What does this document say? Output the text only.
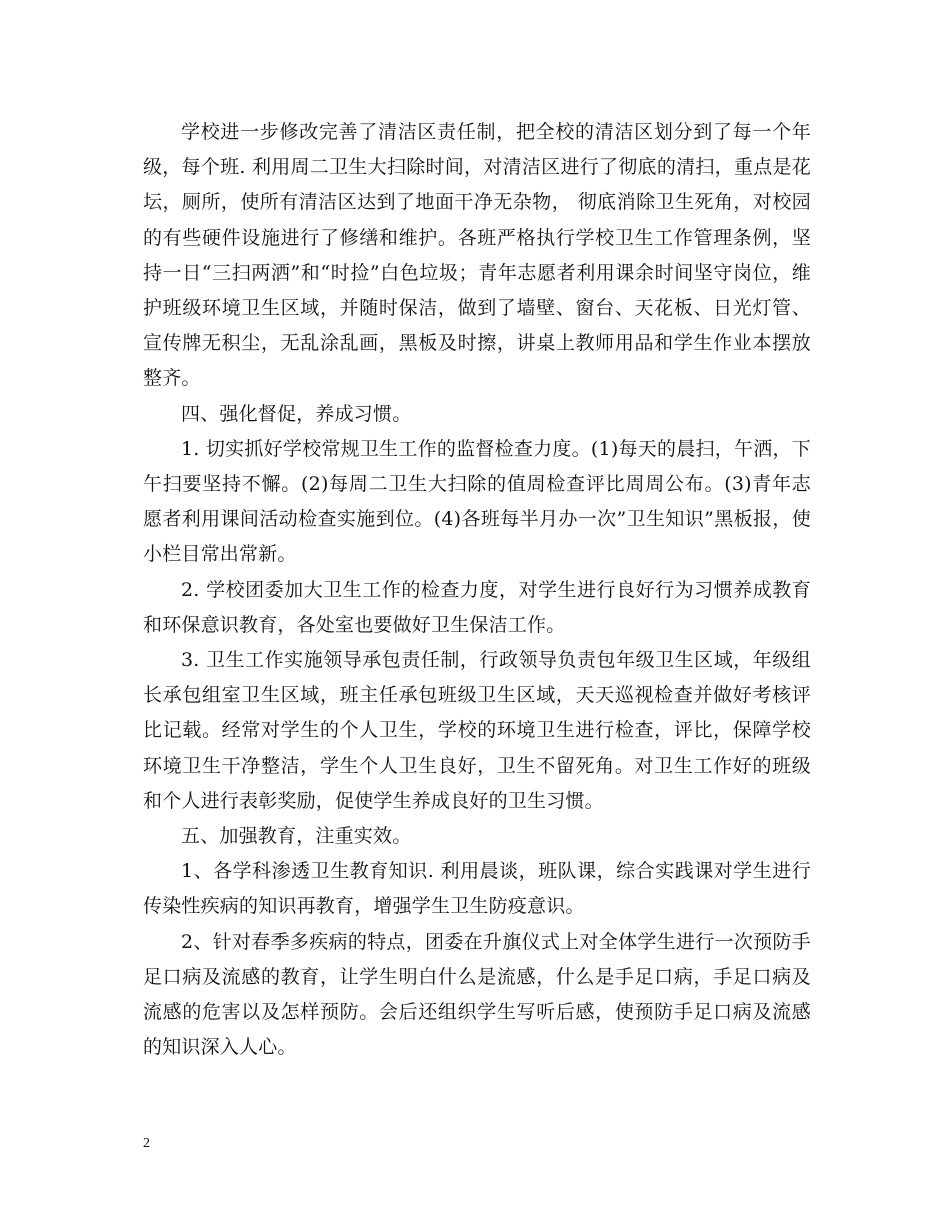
学校进一步修改完善了清洁区责任制，把全校的清洁区划分到了每一个年级，每个班. 利用周二卫生大扫除时间，对清洁区进行了彻底的清扫，重点是花坛，厕所，使所有清洁区达到了地面干净无杂物， 彻底消除卫生死角，对校园的有些硬件设施进行了修缮和维护。各班严格执行学校卫生工作管理条例，坚持一日“三扫两洒”和“时捡”白色垃圾；青年志愿者利用课余时间坚守岗位，维护班级环境卫生区域，并随时保洁，做到了墙壁、窗台、天花板、日光灯管、宣传牌无积尘，无乱涂乱画，黑板及时擦，讲桌上教师用品和学生作业本摆放整齐。

四、强化督促，养成习惯。

1. 切实抓好学校常规卫生工作的监督检查力度。(1)每天的晨扫，午洒，下午扫要坚持不懈。(2)每周二卫生大扫除的值周检查评比周周公布。(3)青年志愿者利用课间活动检查实施到位。(4)各班每半月办一次”卫生知识”黑板报，使小栏目常出常新。

2. 学校团委加大卫生工作的检查力度，对学生进行良好行为习惯养成教育和环保意识教育，各处室也要做好卫生保洁工作。

3. 卫生工作实施领导承包责任制，行政领导负责包年级卫生区域，年级组长承包组室卫生区域，班主任承包班级卫生区域，天天巡视检查并做好考核评比记载。经常对学生的个人卫生，学校的环境卫生进行检查，评比，保障学校环境卫生干净整洁，学生个人卫生良好，卫生不留死角。对卫生工作好的班级和个人进行表彰奖励，促使学生养成良好的卫生习惯。

五、加强教育，注重实效。

1、各学科渗透卫生教育知识. 利用晨谈，班队课，综合实践课对学生进行传染性疾病的知识再教育，增强学生卫生防疫意识。

2、针对春季多疾病的特点，团委在升旗仪式上对全体学生进行一次预防手足口病及流感的教育，让学生明白什么是流感，什么是手足口病，手足口病及流感的危害以及怎样预防。会后还组织学生写听后感，使预防手足口病及流感的知识深入人心。

2
